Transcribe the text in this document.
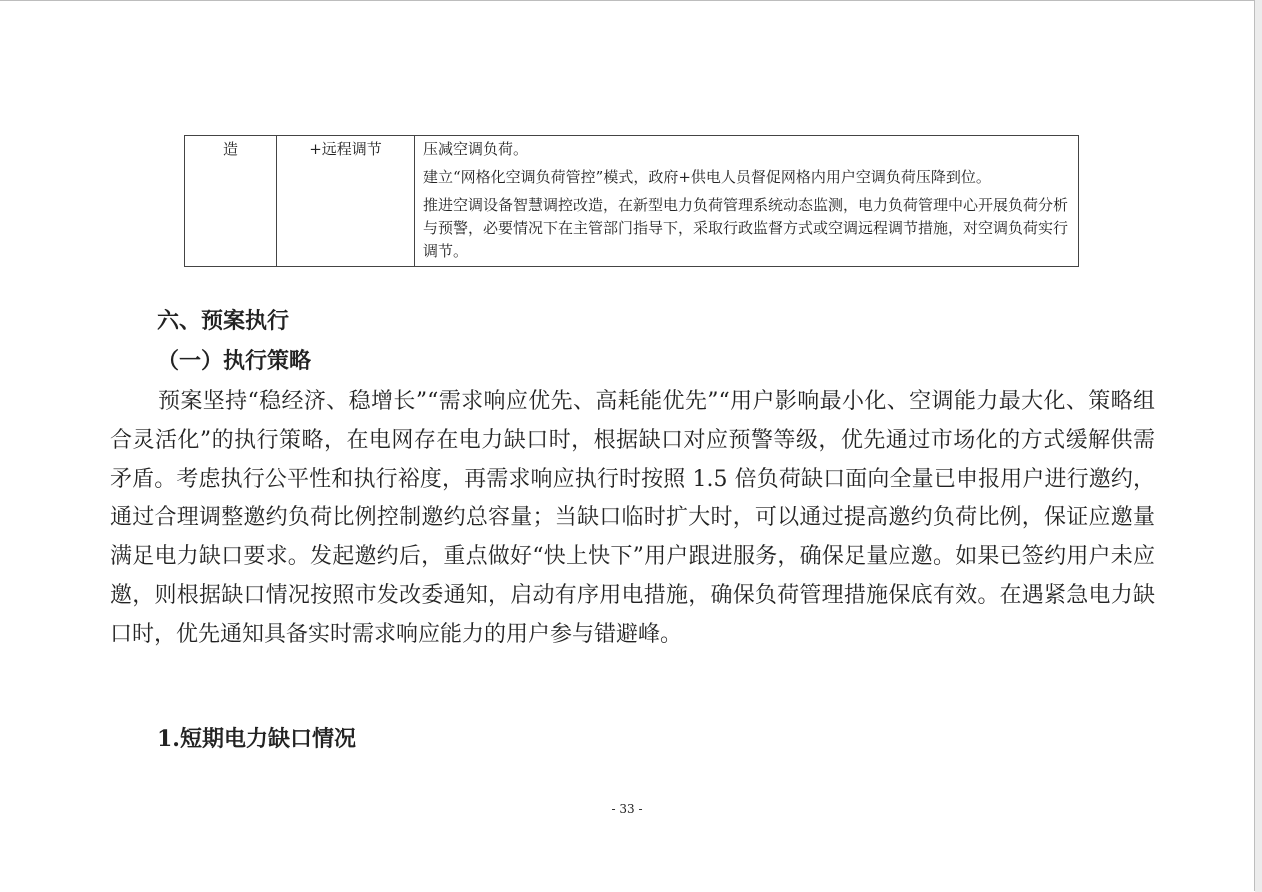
造	+远程调节	压减空调负荷。
建立“网格化空调负荷管控”模式，政府+供电人员督促网格内用户空调负荷压降到位。
推进空调设备智慧调控改造，在新型电力负荷管理系统动态监测，电力负荷管理中心开展负荷分析与预警，必要情况下在主管部门指导下，采取行政监督方式或空调远程调节措施，对空调负荷实行调节。
六、预案执行
（一）执行策略

预案坚持“稳经济、稳增长”“需求响应优先、高耗能优先”“用户影响最小化、空调能力最大化、策略组合灵活化”的执行策略，在电网存在电力缺口时，根据缺口对应预警等级，优先通过市场化的方式缓解供需矛盾。考虑执行公平性和执行裕度，再需求响应执行时按照 1.5 倍负荷缺口面向全量已申报用户进行邀约，通过合理调整邀约负荷比例控制邀约总容量；当缺口临时扩大时，可以通过提高邀约负荷比例，保证应邀量满足电力缺口要求。发起邀约后，重点做好“快上快下”用户跟进服务，确保足量应邀。如果已签约用户未应邀，则根据缺口情况按照市发改委通知，启动有序用电措施，确保负荷管理措施保底有效。在遇紧急电力缺口时，优先通知具备实时需求响应能力的用户参与错避峰。

1.短期电力缺口情况
- 33 -
